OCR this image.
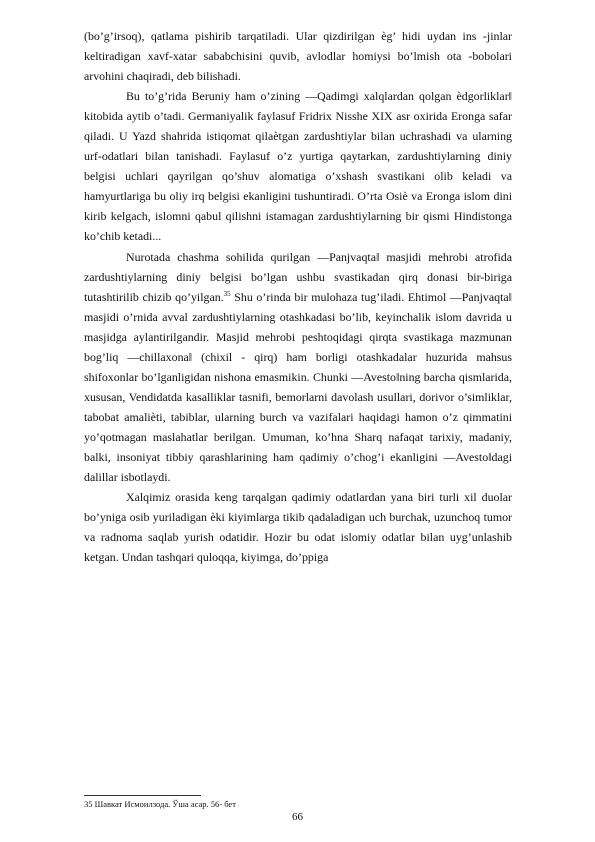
(bo’g’irsoq), qatlama pishirib tarqatiladi. Ular qizdirilgan ѐg’ hidi uydan ins -jinlar keltiradigan xavf-xatar sababchisini quvib, avlodlar homiysi bo’lmish ota -bobolari arvohini chaqiradi, deb bilishadi.

Bu to’g’rida Beruniy ham o’zining ―Qadimgi xalqlardan qolgan ѐdgorliklar‖ kitobida aytib o’tadi. Germaniyalik faylasuf Fridrix Nisshe XIX asr oxirida Eronga safar qiladi. U Yazd shahrida istiqomat qilaѐtgan zardushtiylar bilan uchrashadi va ularning urf-odatlari bilan tanishadi. Faylasuf o’z yurtiga qaytarkan, zardushtiylarning diniy belgisi uchlari qayrilgan qo’shuv alomatiga o’xshash svastikani olib keladi va hamyurtlariga bu oliy irq belgisi ekanligini tushuntiradi. O’rta Osiѐ va Eronga islom dini kirib kelgach, islomni qabul qilishni istamagan zardushtiylarning bir qismi Hindistonga ko’chib ketadi...

Nurotada chashma sohilida qurilgan ―Panjvaqta‖ masjidi mehrobi atrofida zardushtiylarning diniy belgisi bo’lgan ushbu svastikadan qirq donasi bir-biriga tutashtirilib chizib qo’yilgan.$^{35}$ Shu o’rinda bir mulohaza tug’iladi. Ehtimol ―Panjvaqta‖ masjidi o’rnida avval zardushtiylarning otashkadasi bo’lib, keyinchalik islom davrida u masjidga aylantirilgandir. Masjid mehrobi peshtoqidagi qirqta svastikaga mazmunan bog’liq ―chillaxona‖ (chixil - qirq) ham borligi otashkadalar huzurida mahsus shifoxonlar bo’lganligidan nishona emasmikin. Chunki ―Avesto‖ning barcha qismlarida, xususan, Vendidatda kasalliklar tasnifi, bemorlarni davolash usullari, dorivor o’simliklar, tabobat amaliѐti, tabiblar, ularning burch va vazifalari haqidagi hamon o’z qimmatini yo’qotmagan maslahatlar berilgan. Umuman, ko’hna Sharq nafaqat tarixiy, madaniy, balki, insoniyat tibbiy qarashlarining ham qadimiy o’chog’i ekanligini ―Avesto‖dagi dalillar isbotlaydi.

Xalqimiz orasida keng tarqalgan qadimiy odatlardan yana biri turli xil duolar bo’yniga osib yuriladigan ѐki kiyimlarga tikib qadaladigan uch burchak, uzunchoq tumor va radnoma saqlab yurish odatidir. Hozir bu odat islomiy odatlar bilan uyg’unlashib ketgan. Undan tashqari quloqqa, kiyimga, do’ppiga

35 Шавкат Исмоилзода. Ўша асар. 56- бет
66
